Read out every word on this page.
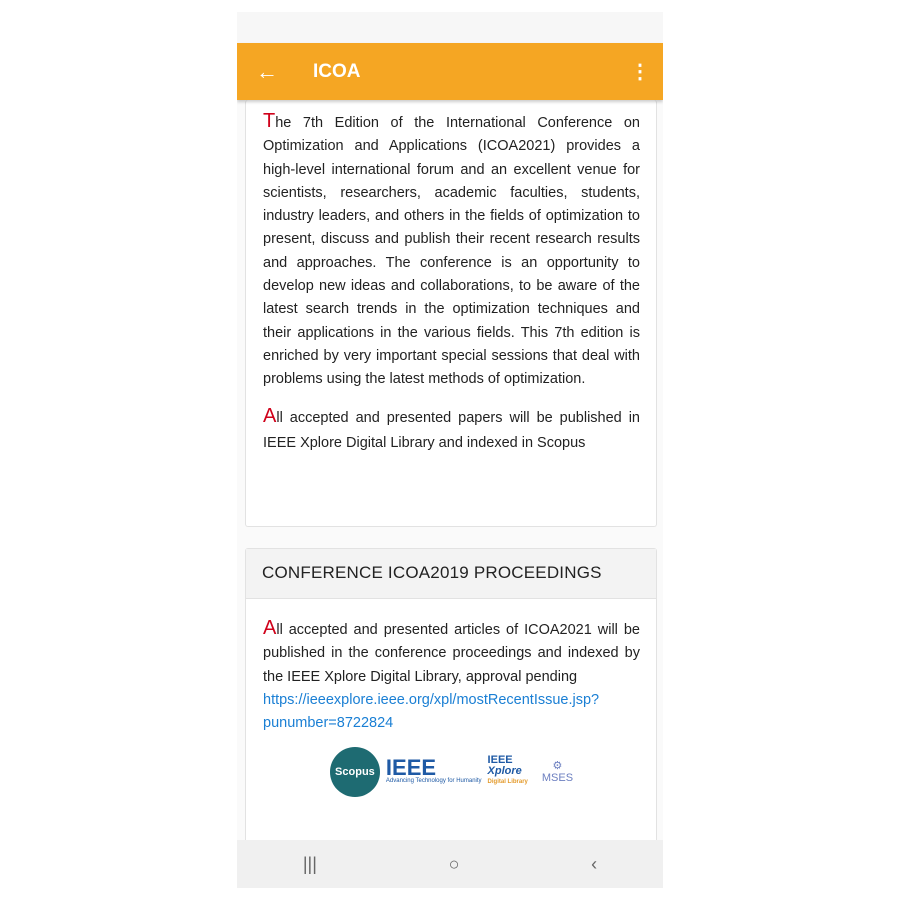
←	ICOA	⋮

The 7th Edition of the International Conference on Optimization and Applications (ICOA2021) provides a high-level international forum and an excellent venue for scientists, researchers, academic faculties, students, industry leaders, and others in the fields of optimization to present, discuss and publish their recent research results and approaches. The conference is an opportunity to develop new ideas and collaborations, to be aware of the latest search trends in the optimization techniques and their applications in the various fields. This 7th edition is enriched by very important special sessions that deal with problems using the latest methods of optimization.

All accepted and presented papers will be published in IEEE Xplore Digital Library and indexed in Scopus

CONFERENCE ICOA2019 PROCEEDINGS

All accepted and presented articles of ICOA2021 will be published in the conference proceedings and indexed by the IEEE Xplore Digital Library, approval pending

https://ieeexplore.ieee.org/xpl/mostRecentIssue.jsp?punumber=8722824
Scopus IEEE
Advancing Technology for Humanity
IEEE
Xplore
Digital Library
⚙
MSES
|||	○	‹
